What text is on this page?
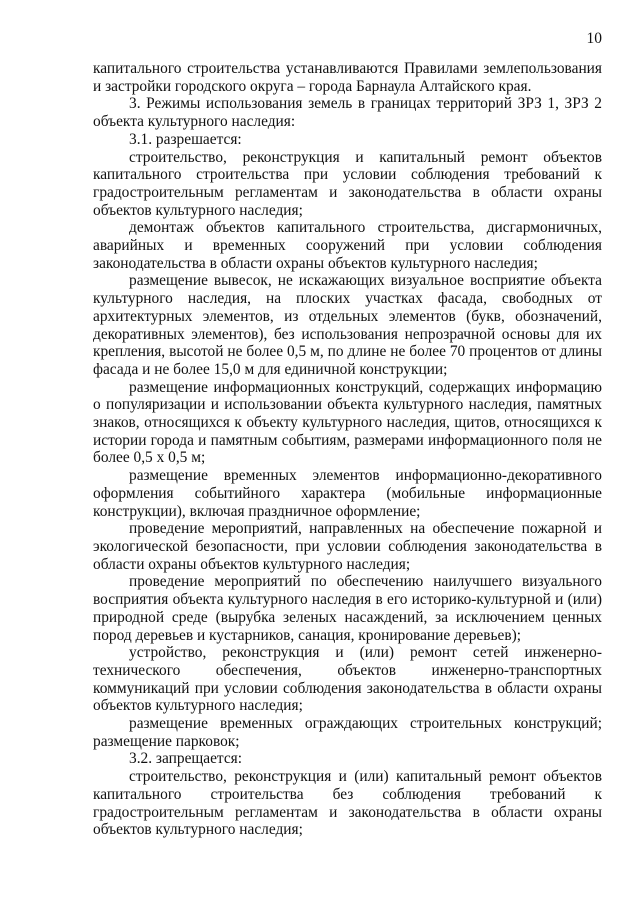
10

капитального строительства устанавливаются Правилами землепользования и застройки городского округа – города Барнаула Алтайского края.

3. Режимы использования земель в границах территорий ЗРЗ 1, ЗРЗ 2 объекта культурного наследия:

3.1. разрешается:

строительство, реконструкция и капитальный ремонт объектов капитального строительства при условии соблюдения требований к градостроительным регламентам и законодательства в области охраны объектов культурного наследия;

демонтаж объектов капитального строительства, дисгармоничных, аварийных и временных сооружений при условии соблюдения законодательства в области охраны объектов культурного наследия;

размещение вывесок, не искажающих визуальное восприятие объекта культурного наследия, на плоских участках фасада, свободных от архитектурных элементов, из отдельных элементов (букв, обозначений, декоративных элементов), без использования непрозрачной основы для их крепления, высотой не более 0,5 м, по длине не более 70 процентов от длины фасада и не более 15,0 м для единичной конструкции;

размещение информационных конструкций, содержащих информацию о популяризации и использовании объекта культурного наследия, памятных знаков, относящихся к объекту культурного наследия, щитов, относящихся к истории города и памятным событиям, размерами информационного поля не более 0,5 х 0,5 м;

размещение временных элементов информационно-декоративного оформления событийного характера (мобильные информационные конструкции), включая праздничное оформление;

проведение мероприятий, направленных на обеспечение пожарной и экологической безопасности, при условии соблюдения законодательства в области охраны объектов культурного наследия;

проведение мероприятий по обеспечению наилучшего визуального восприятия объекта культурного наследия в его историко-культурной и (или) природной среде (вырубка зеленых насаждений, за исключением ценных пород деревьев и кустарников, санация, кронирование деревьев);

устройство, реконструкция и (или) ремонт сетей инженерно-технического обеспечения, объектов инженерно-транспортных коммуникаций при условии соблюдения законодательства в области охраны объектов культурного наследия;

размещение временных ограждающих строительных конструкций; размещение парковок;

3.2. запрещается:

строительство, реконструкция и (или) капитальный ремонт объектов капитального строительства без соблюдения требований к градостроительным регламентам и законодательства в области охраны объектов культурного наследия;
